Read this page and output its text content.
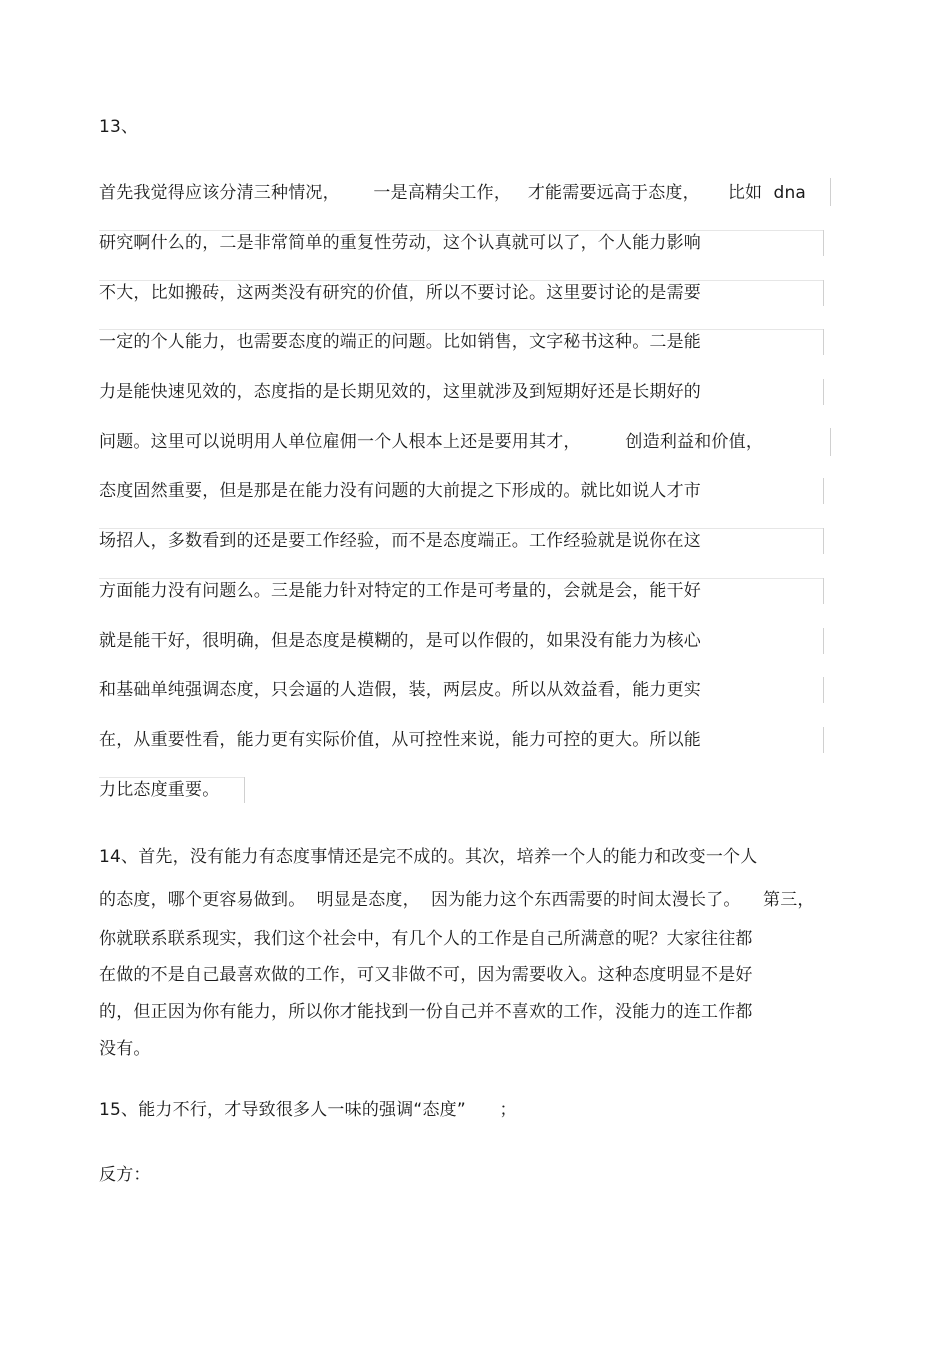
13、
首先我觉得应该分清三种情况，      一是高精尖工作，   才能需要远高于态度，     比如  dna
研究啊什么的，二是非常简单的重复性劳动，这个认真就可以了，个人能力影响
不大，比如搬砖，这两类没有研究的价值，所以不要讨论。这里要讨论的是需要
一定的个人能力，也需要态度的端正的问题。比如销售，文字秘书这种。二是能
力是能快速见效的，态度指的是长期见效的，这里就涉及到短期好还是长期好的
问题。这里可以说明用人单位雇佣一个人根本上还是要用其才，        创造利益和价值，
态度固然重要，但是那是在能力没有问题的大前提之下形成的。就比如说人才市
场招人，多数看到的还是要工作经验，而不是态度端正。工作经验就是说你在这
方面能力没有问题么。三是能力针对特定的工作是可考量的，会就是会，能干好
就是能干好，很明确，但是态度是模糊的，是可以作假的，如果没有能力为核心
和基础单纯强调态度，只会逼的人造假，装，两层皮。所以从效益看，能力更实
在，从重要性看，能力更有实际价值，从可控性来说，能力可控的更大。所以能
力比态度重要。
14、首先，没有能力有态度事情还是完不成的。其次，培养一个人的能力和改变一个人
的态度，哪个更容易做到。  明显是态度，  因为能力这个东西需要的时间太漫长了。    第三，
你就联系联系现实，我们这个社会中，有几个人的工作是自己所满意的呢？大家往往都
在做的不是自己最喜欢做的工作，可又非做不可，因为需要收入。这种态度明显不是好
的，但正因为你有能力，所以你才能找到一份自己并不喜欢的工作，没能力的连工作都
没有。
15、能力不行，才导致很多人一味的强调“态度”      ；
反方：
